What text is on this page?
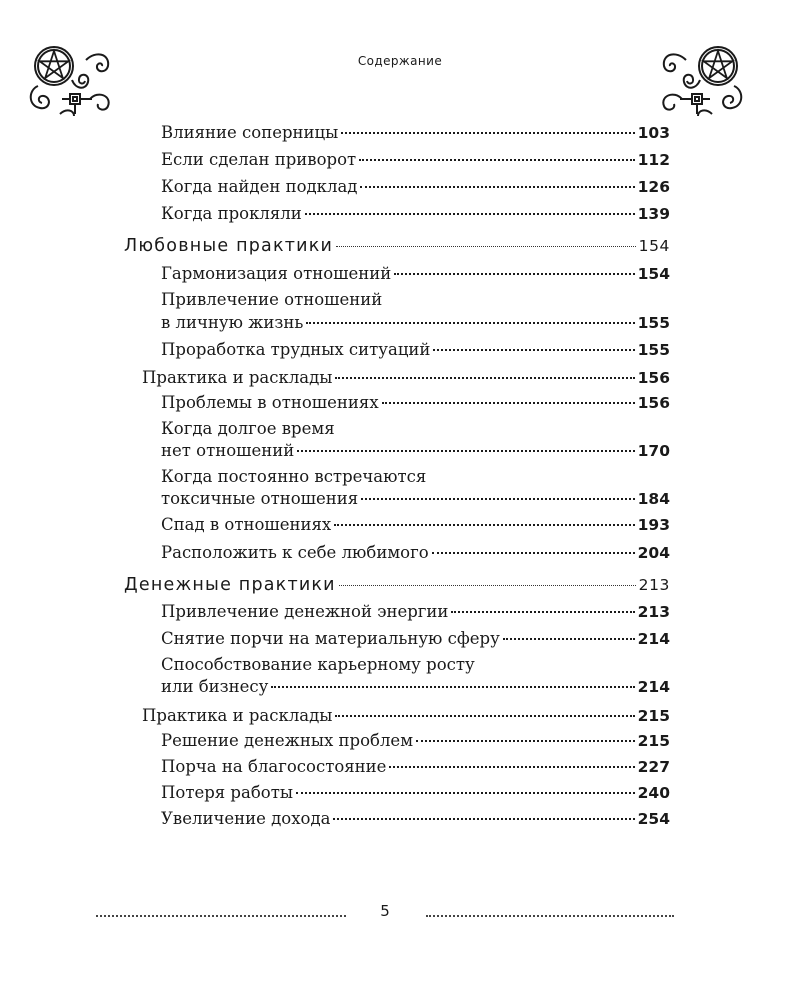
Содержание
Влияние соперницы	103
Если сделан приворот	112
Когда найден подклад	126
Когда прокляли	139
Любовные практики	154
Гармонизация отношений	154
Привлечение отношений
в личную жизнь	155
Проработка трудных ситуаций	155
Практика и расклады	156
Проблемы в отношениях	156
Когда долгое время
нет отношений	170
Когда постоянно встречаются
токсичные отношения	184
Спад в отношениях	193
Расположить к себе любимого	204
Денежные практики	213
Привлечение денежной энергии	213
Снятие порчи на материальную сферу	214
Способствование карьерному росту
или бизнесу	214
Практика и расклады	215
Решение денежных проблем	215
Порча на благосостояние	227
Потеря работы	240
Увеличение дохода	254
5
